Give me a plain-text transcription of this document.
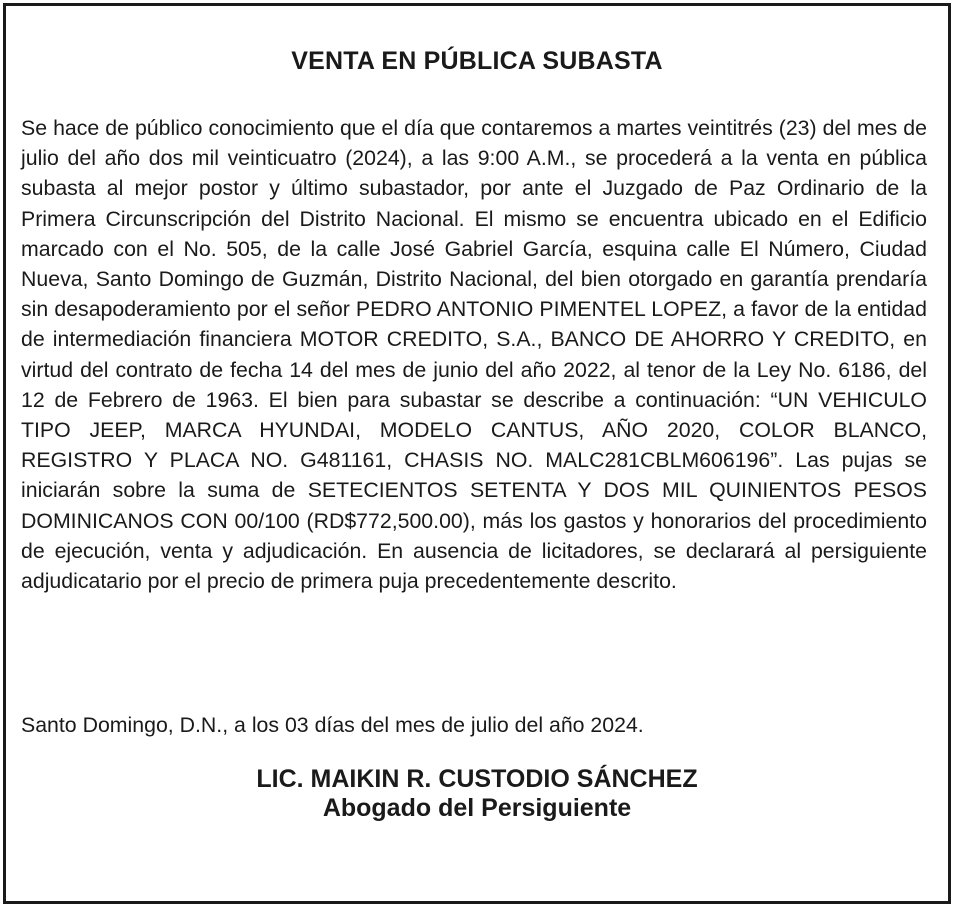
VENTA EN PÚBLICA SUBASTA

Se hace de público conocimiento que el día que contaremos a martes veintitrés (23) del mes de julio del año dos mil veinticuatro (2024), a las 9:00 A.M., se procederá a la venta en pública subasta al mejor postor y último subastador, por ante el Juzgado de Paz Ordinario de la Primera Circunscripción del Distrito Nacional. El mismo se encuentra ubicado en el Edificio marcado con el No. 505, de la calle José Gabriel García, esquina calle El Número, Ciudad Nueva, Santo Domingo de Guzmán, Distrito Nacional, del bien otorgado en garantía prendaría sin desapoderamiento por el señor PEDRO ANTONIO PIMENTEL LOPEZ, a favor de la entidad de intermediación financiera MOTOR CREDITO, S.A., BANCO DE AHORRO Y CREDITO, en virtud del contrato de fecha 14 del mes de junio del año 2022, al tenor de la Ley No. 6186, del 12 de Febrero de 1963. El bien para subastar se describe a continuación: “UN VEHICULO TIPO JEEP, MARCA HYUNDAI, MODELO CANTUS, AÑO 2020, COLOR BLANCO, REGISTRO Y PLACA NO. G481161, CHASIS NO. MALC281CBLM606196”. Las pujas se iniciarán sobre la suma de SETECIENTOS SETENTA Y DOS MIL QUINIENTOS PESOS DOMINICANOS CON 00/100 (RD$772,500.00), más los gastos y honorarios del procedimiento de ejecución, venta y adjudicación. En ausencia de licitadores, se declarará al persiguiente adjudicatario por el precio de primera puja precedentemente descrito.

Santo Domingo, D.N., a los 03 días del mes de julio del año 2024.

LIC. MAIKIN R. CUSTODIO SÁNCHEZ
Abogado del Persiguiente
